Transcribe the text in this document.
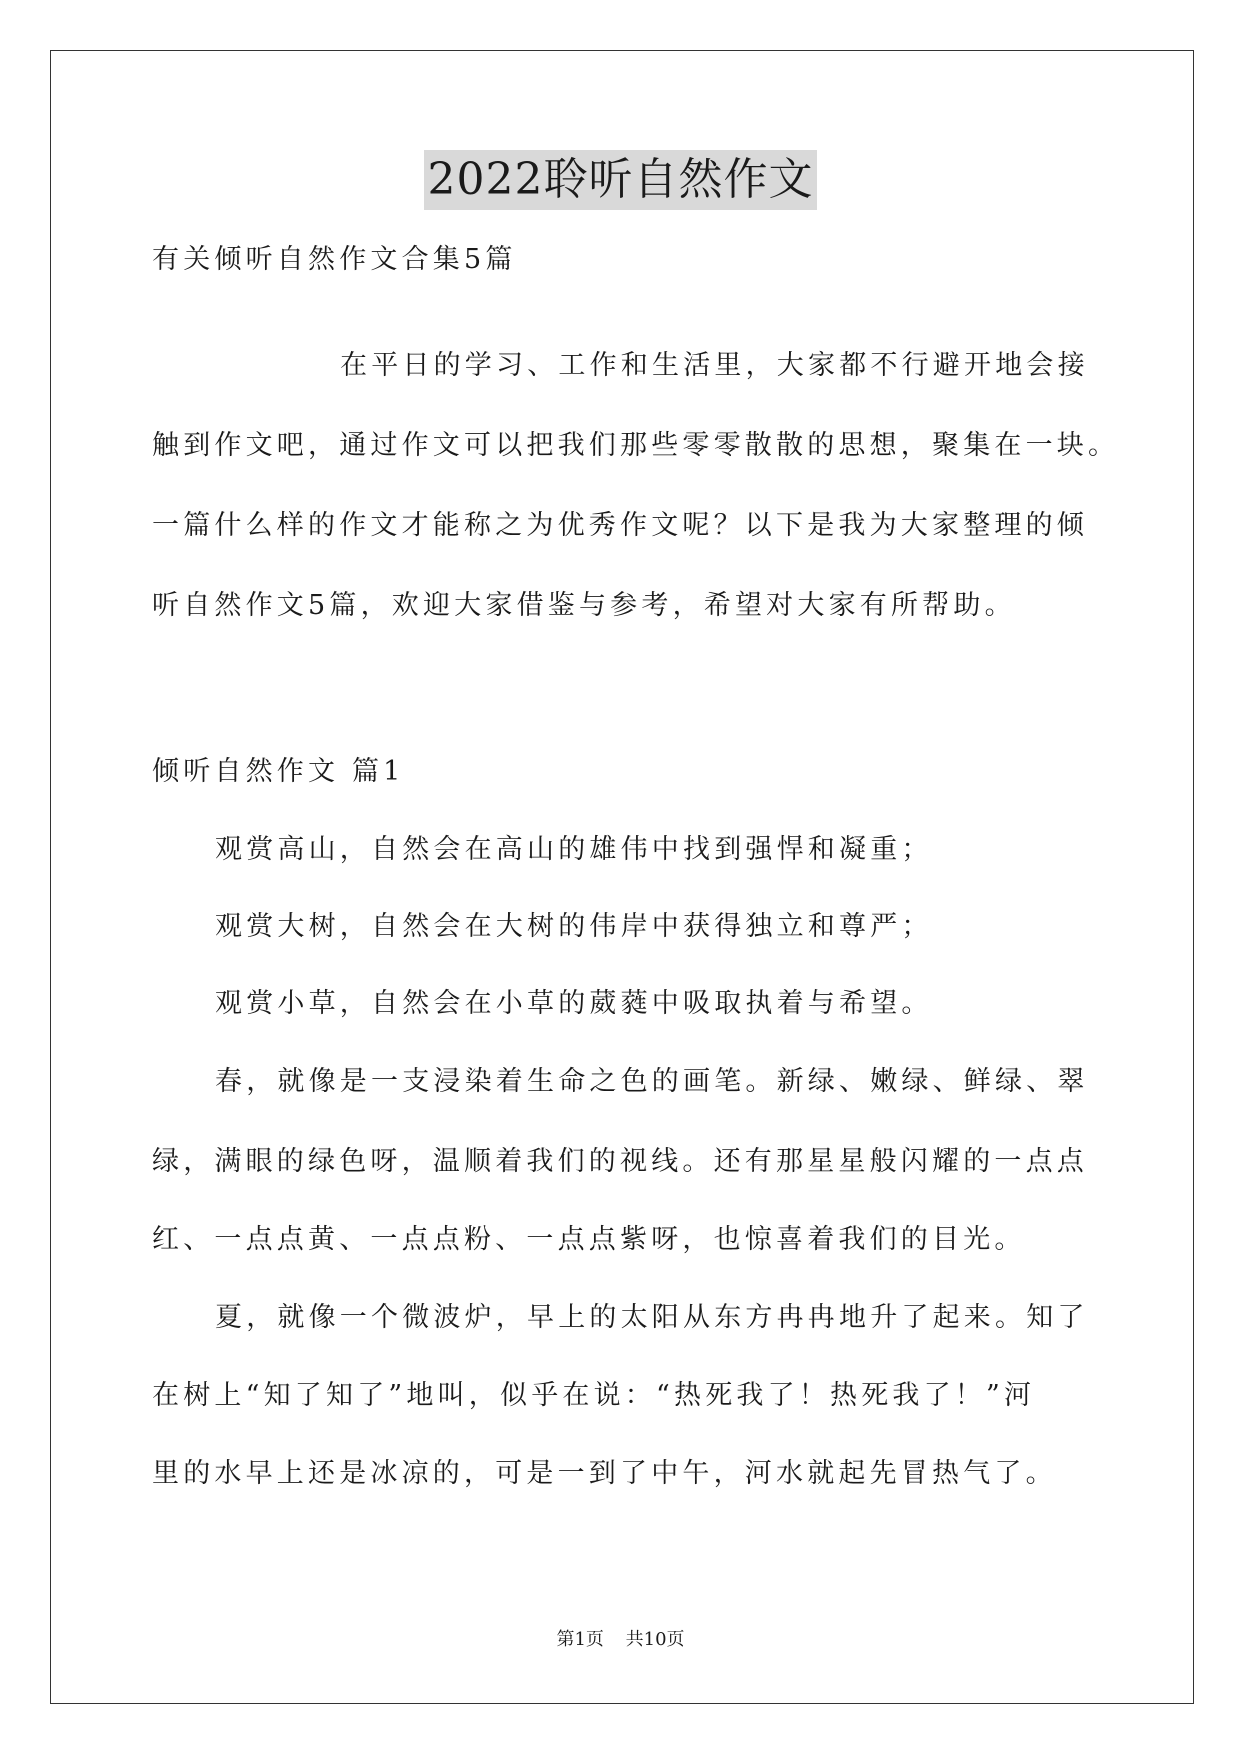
2022聆听自然作文
有关倾听自然作文合集5篇
在平日的学习、工作和生活里，大家都不行避开地会接
触到作文吧，通过作文可以把我们那些零零散散的思想，聚集在一块。
一篇什么样的作文才能称之为优秀作文呢？以下是我为大家整理的倾
听自然作文5篇，欢迎大家借鉴与参考，希望对大家有所帮助。
倾听自然作文 篇1
观赏高山，自然会在高山的雄伟中找到强悍和凝重；
观赏大树，自然会在大树的伟岸中获得独立和尊严；
观赏小草，自然会在小草的葳蕤中吸取执着与希望。
春，就像是一支浸染着生命之色的画笔。新绿、嫩绿、鲜绿、翠
绿，满眼的绿色呀，温顺着我们的视线。还有那星星般闪耀的一点点
红、一点点黄、一点点粉、一点点紫呀，也惊喜着我们的目光。
夏，就像一个微波炉，早上的太阳从东方冉冉地升了起来。知了
在树上“知了知了”地叫，似乎在说：“热死我了！热死我了！”河
里的水早上还是冰凉的，可是一到了中午，河水就起先冒热气了。
第1页 共10页
